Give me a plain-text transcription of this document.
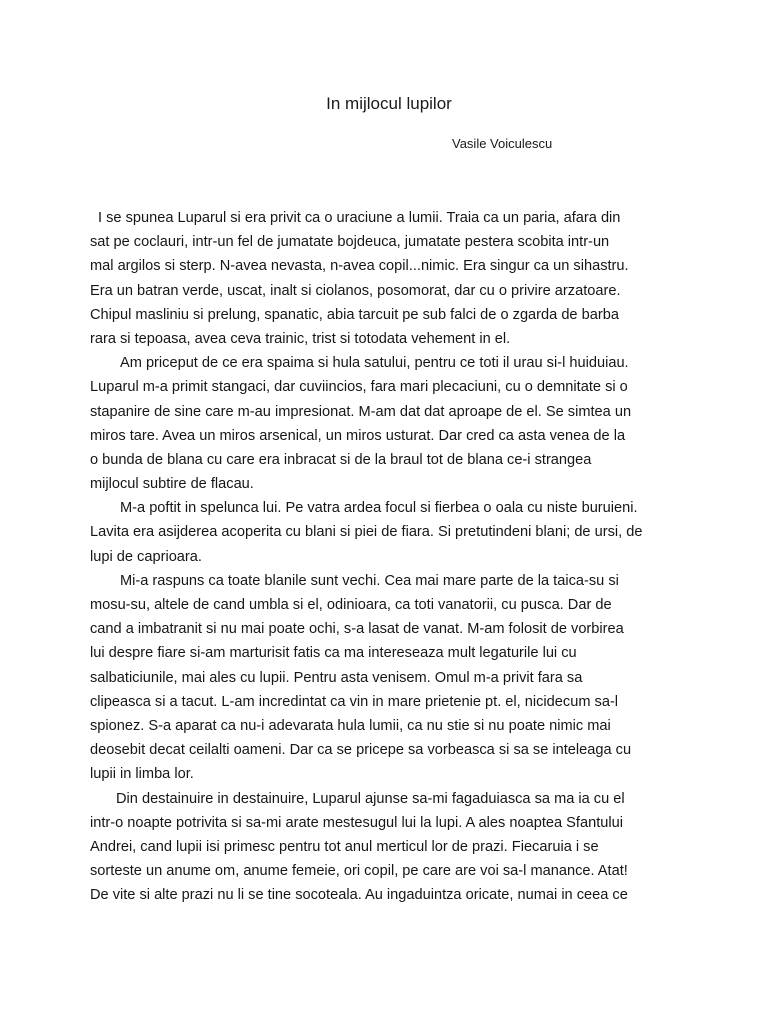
In mijlocul lupilor
Vasile Voiculescu
I se spunea Luparul si era privit ca o uraciune a lumii. Traia ca un paria, afara din
sat pe coclauri, intr-un fel de jumatate bojdeuca, jumatate pestera scobita intr-un
mal argilos si sterp. N-avea nevasta, n-avea copil...nimic. Era singur ca un sihastru.
Era un batran verde, uscat, inalt si ciolanos, posomorat, dar cu o privire arzatoare.
Chipul masliniu si prelung, spanatic, abia tarcuit pe sub falci de o zgarda de barba
rara si tepoasa, avea ceva trainic, trist si totodata vehement in el.
Am priceput de ce era spaima si hula satului, pentru ce toti il urau si-l huiduiau.
Luparul m-a primit stangaci, dar cuviincios, fara mari plecaciuni, cu o demnitate si o
stapanire de sine care m-au impresionat. M-am dat dat aproape de el. Se simtea un
miros tare. Avea un miros arsenical, un miros usturat. Dar cred ca asta venea de la
o bunda de blana cu care era inbracat si de la braul tot de blana ce-i strangea
mijlocul subtire de flacau.
M-a poftit in spelunca lui. Pe vatra ardea focul si fierbea o oala cu niste buruieni.
Lavita era asijderea acoperita cu blani si piei de fiara. Si pretutindeni blani; de ursi, de
lupi de caprioara.
Mi-a raspuns ca toate blanile sunt vechi. Cea mai mare parte de la taica-su si
mosu-su, altele de cand umbla si el, odinioara, ca toti vanatorii, cu pusca. Dar de
cand a imbatranit si nu mai poate ochi, s-a lasat de vanat. M-am folosit de vorbirea
lui despre fiare si-am marturisit fatis ca ma intereseaza mult legaturile lui cu
salbaticiunile, mai ales cu lupii. Pentru asta venisem. Omul m-a privit fara sa
clipeasca si a tacut. L-am incredintat ca vin in mare prietenie pt. el, nicidecum sa-l
spionez. S-a aparat ca nu-i adevarata hula lumii, ca nu stie si nu poate nimic mai
deosebit decat ceilalti oameni. Dar ca se pricepe sa vorbeasca si sa se inteleaga cu
lupii in limba lor.
Din destainuire in destainuire, Luparul ajunse sa-mi fagaduiasca sa ma ia cu el
intr-o noapte potrivita si sa-mi arate mestesugul lui la lupi. A ales noaptea Sfantului
Andrei, cand lupii isi primesc pentru tot anul merticul lor de prazi. Fiecaruia i se
sorteste un anume om, anume femeie, ori copil, pe care are voi sa-l manance. Atat!
De vite si alte prazi nu li se tine socoteala. Au ingaduintza oricate, numai in ceea ce
